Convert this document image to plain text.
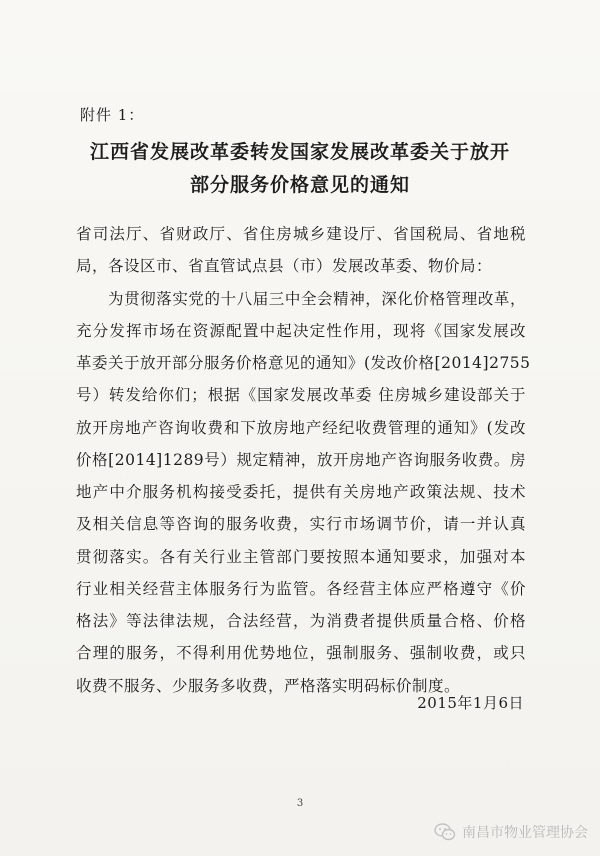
附件 1：
江西省发展改革委转发国家发展改革委关于放开
部分服务价格意见的通知
省司法厅、省财政厅、省住房城乡建设厅、省国税局、省地税
局，各设区市、省直管试点县（市）发展改革委、物价局：
为贯彻落实党的十八届三中全会精神，深化价格管理改革，
充分发挥市场在资源配置中起决定性作用，现将《国家发展改
革委关于放开部分服务价格意见的通知》(发改价格[2014]2755
号）转发给你们；根据《国家发展改革委 住房城乡建设部关于
放开房地产咨询收费和下放房地产经纪收费管理的通知》(发改
价格[2014]1289号）规定精神，放开房地产咨询服务收费。房
地产中介服务机构接受委托，提供有关房地产政策法规、技术
及相关信息等咨询的服务收费，实行市场调节价，请一并认真
贯彻落实。各有关行业主管部门要按照本通知要求，加强对本
行业相关经营主体服务行为监管。各经营主体应严格遵守《价
格法》等法律法规，合法经营，为消费者提供质量合格、价格
合理的服务，不得利用优势地位，强制服务、强制收费，或只
收费不服务、少服务多收费，严格落实明码标价制度。
2015年1月6日
3
南昌市物业管理协会
